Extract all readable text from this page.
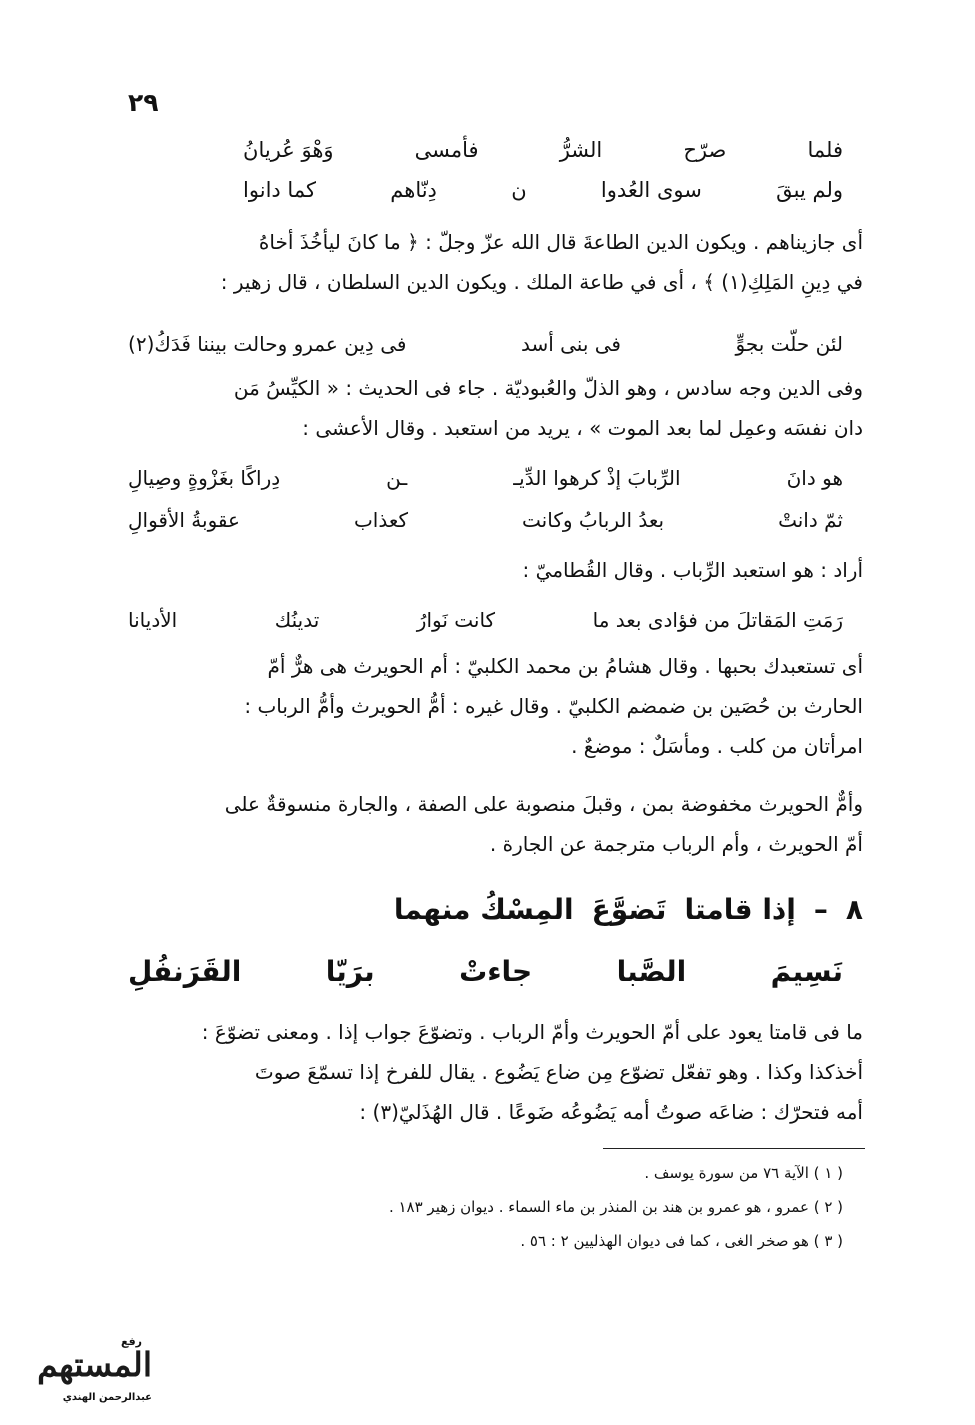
٢٩
فلما
صرّح
الشرُّ
فأمسى
وَهْوَ عُريانُ
ولم يبقَ
سوى العُدوا
ن
دِنّاهم
كما دانوا

أى جازيناهم . ويكون الدين الطاعةَ قال الله عزّ وجلّ : ﴿ ما كانَ ليأخُذَ أخاهُ

في دِينِ المَلِكِ(١) ﴾ ، أى في طاعة الملك . ويكون الدين السلطان ، قال زهير :

لئن حلّت بجوٍّ
فى بنى أسد
فى دِين عمرو وحالت بيننا فَدَكُ(٢)

وفى الدين وجه سادس ، وهو الذلّ والعُبوديّة . جاء فى الحديث : « الكيِّسُ مَن

دان نفسَه وعمِل لما بعد الموت » ، يريد من استعبد . وقال الأعشى :

هو دانَ
الرِّبابَ إذْ كرهوا الدِّيـ
ـن
دِراكًا بغَزْوةٍ وصِيالِ
ثمّ دانتْ
بعدُ الربابُ وكانت
كعذاب
عقوبةُ الأقوالِ

أراد : هو استعبد الرِّباب . وقال القُطاميّ :

رَمَتِ المَقاتلَ من فؤادى بعد ما
كانت نَوارُ
تدينُك
الأديانا

أى تستعبدك بحبها . وقال هشامُ بن محمد الكلبيّ : أم الحويرث هى هرٌّ أمّ

الحارث بن حُصَين بن ضمضم الكلبيّ . وقال غيره : أمُّ الحويرث وأمُّ الرباب :

امرأتان من كلب . ومأسَلٌ : موضعٌ .

وأمٌّ الحويرث مخفوضة بمن ، وقبلَ منصوبة على الصفة ، والجارة منسوقةٌ على

أمّ الحويرث ، وأم الرباب مترجمة عن الجارة .

٨
–
إذا قامتا
تَضوَّعَ
المِسْكُ منهما
نَسِيمَ
الصَّبا
جاءتْ
برَيّا
القَرَنفُلِ

ما فى قامتا يعود على أمّ الحويرث وأمّ الرباب . وتضوّعَ جواب إذا . ومعنى تضوّعَ :

أخذكذا وكذا . وهو تفعّل تضوّع مِن ضاع يَضُوع . يقال للفرخ إذا تسمّعَ صوتَ

أمه فتحرّك : ضاعَه صوتُ أمه يَضُوعُه ضَوعًا . قال الهُذَليّ(٣) :

( ١ ) الآية ٧٦ من سورة يوسف .
( ٢ ) عمرو ، هو عمرو بن هند بن المنذر بن ماء السماء . ديوان زهير ١٨٣ .
( ٣ ) هو صخر الغى ، كما فى ديوان الهذليين ٢ : ٥٦ .
رفع
المستهم
عبدالرحمن الهندي
